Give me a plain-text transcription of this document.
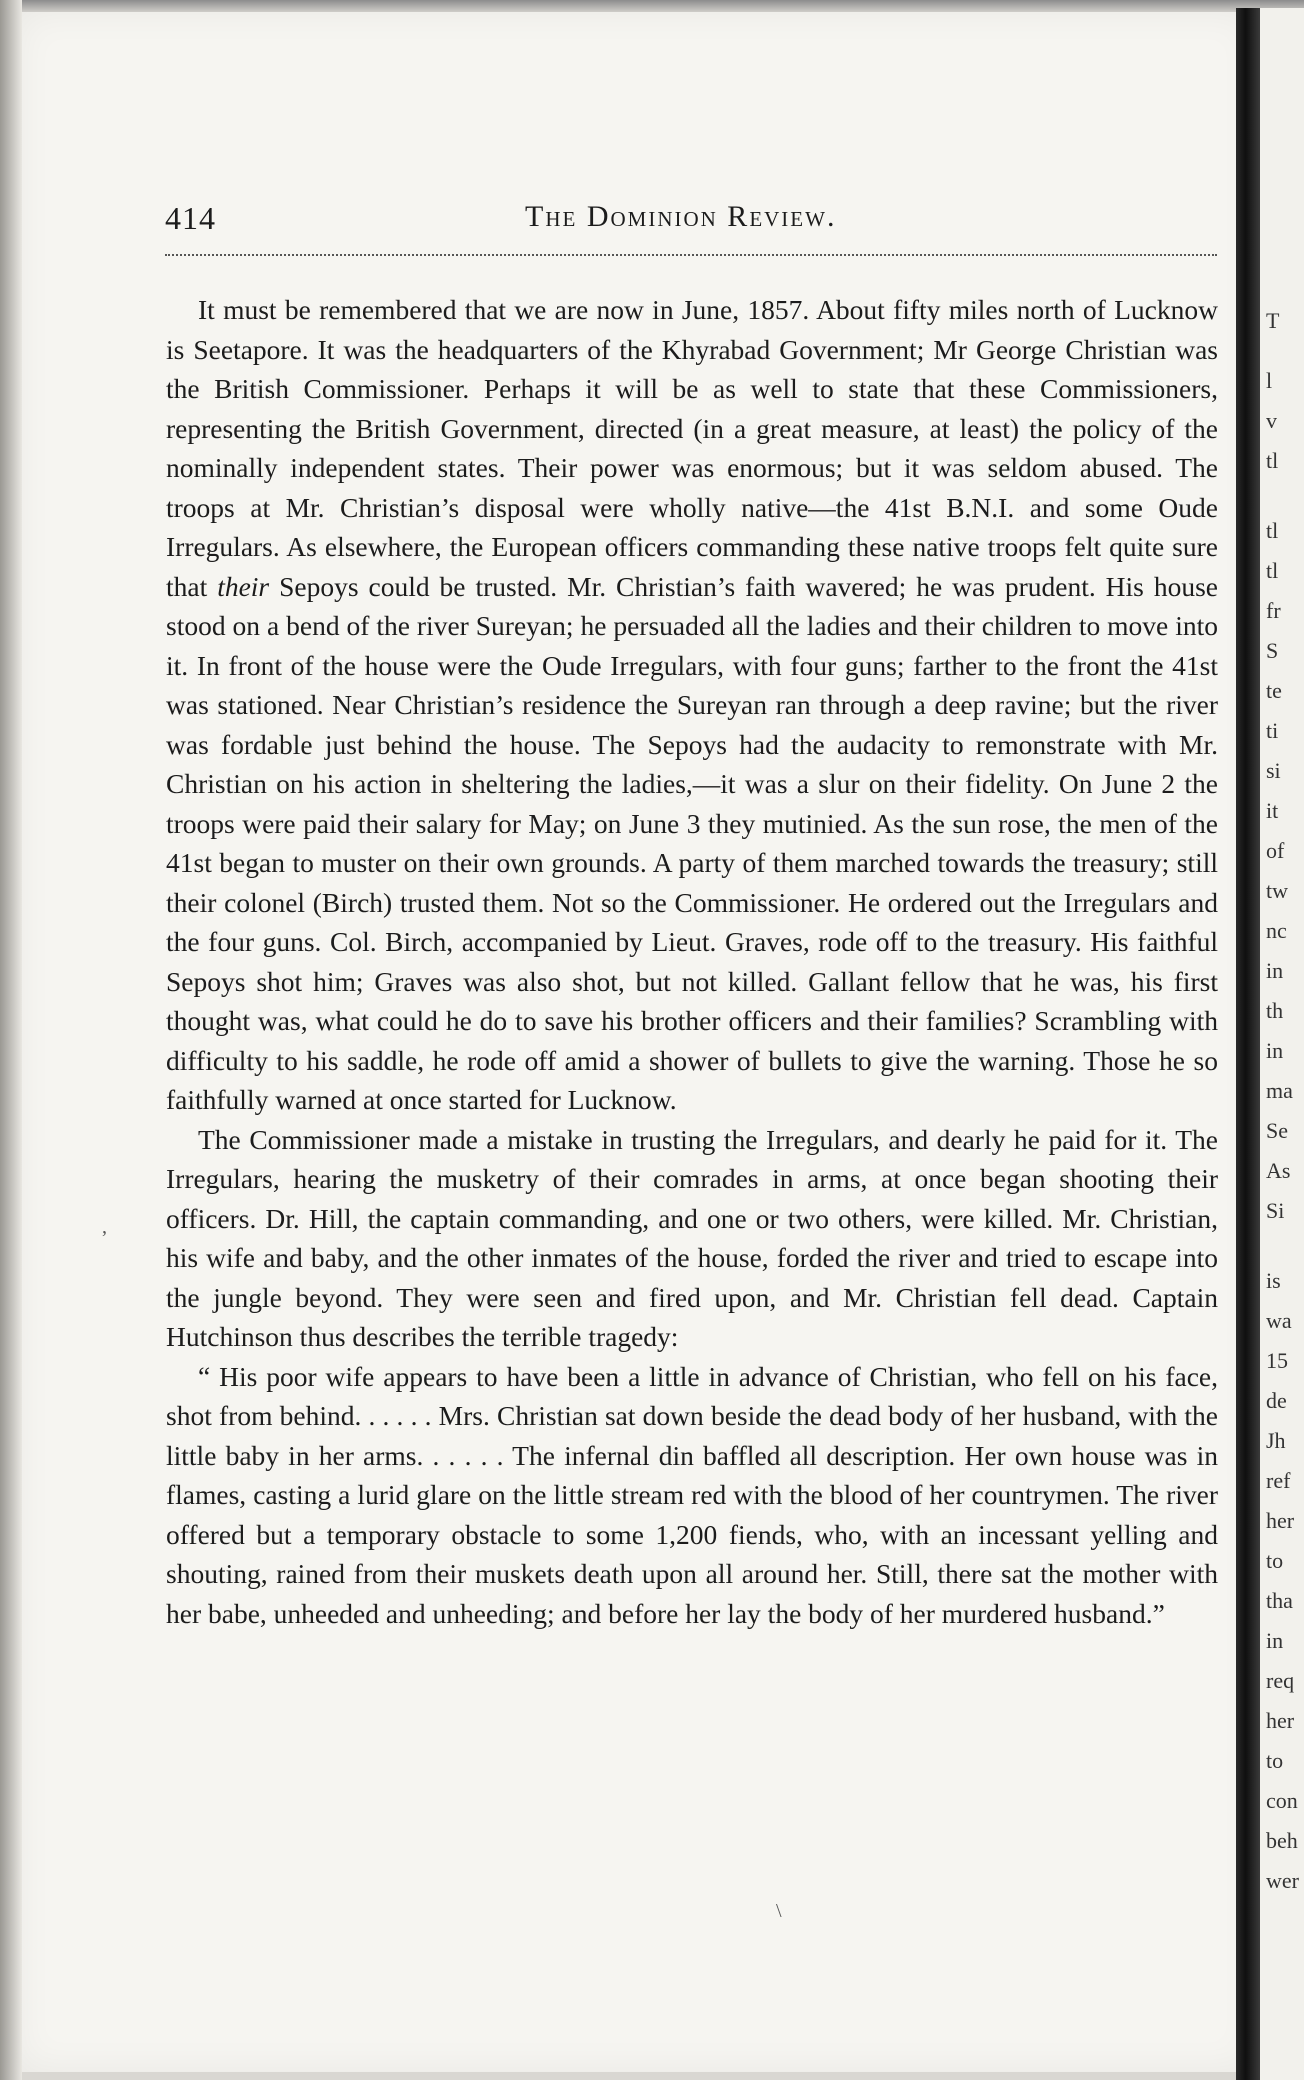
414	The Dominion Review.

It must be remembered that we are now in June, 1857. About fifty miles north of Lucknow is Seetapore. It was the headquarters of the Khyrabad Government; Mr George Christian was the British Commissioner. Perhaps it will be as well to state that these Commissioners, representing the British Government, directed (in a great measure, at least) the policy of the nominally independent states. Their power was enormous; but it was seldom abused. The troops at Mr. Christian’s disposal were wholly native—the 41st B.N.I. and some Oude Irregulars. As elsewhere, the European officers commanding these native troops felt quite sure that their Sepoys could be trusted. Mr. Christian’s faith wavered; he was prudent. His house stood on a bend of the river Sureyan; he persuaded all the ladies and their children to move into it. In front of the house were the Oude Irregulars, with four guns; farther to the front the 41st was stationed. Near Christian’s residence the Sureyan ran through a deep ravine; but the river was fordable just behind the house. The Sepoys had the audacity to remonstrate with Mr. Christian on his action in sheltering the ladies,—it was a slur on their fidelity. On June 2 the troops were paid their salary for May; on June 3 they mutinied. As the sun rose, the men of the 41st began to muster on their own grounds. A party of them marched towards the treasury; still their colonel (Birch) trusted them. Not so the Commissioner. He ordered out the Irregulars and the four guns. Col. Birch, accompanied by Lieut. Graves, rode off to the treasury. His faithful Sepoys shot him; Graves was also shot, but not killed. Gallant fellow that he was, his first thought was, what could he do to save his brother officers and their families? Scrambling with difficulty to his saddle, he rode off amid a shower of bullets to give the warning. Those he so faithfully warned at once started for Lucknow.

The Commissioner made a mistake in trusting the Irregulars, and dearly he paid for it. The Irregulars, hearing the musketry of their comrades in arms, at once began shooting their officers. Dr. Hill, the captain commanding, and one or two others, were killed. Mr. Christian, his wife and baby, and the other inmates of the house, forded the river and tried to escape into the jungle beyond. They were seen and fired upon, and Mr. Christian fell dead. Captain Hutchinson thus describes the terrible tragedy:

“ His poor wife appears to have been a little in advance of Christian, who fell on his face, shot from behind. . . . . . Mrs. Christian sat down beside the dead body of her husband, with the little baby in her arms. . . . . . The infernal din baffled all description. Her own house was in flames, casting a lurid glare on the little stream red with the blood of her countrymen. The river offered but a temporary obstacle to some 1,200 fiends, who, with an incessant yelling and shouting, rained from their muskets death upon all around her. Still, there sat the mother with her babe, unheeded and unheeding; and before her lay the body of her murdered husband.”

,
\
T
l
v
tl
tl
tl
fr
S
te
ti
si
it
of
tw
nc
in
th
in
ma
Se
As
Si
is
wa
15
de
Jh
ref
her
to
tha
in
req
her
to
con
beh
wer
